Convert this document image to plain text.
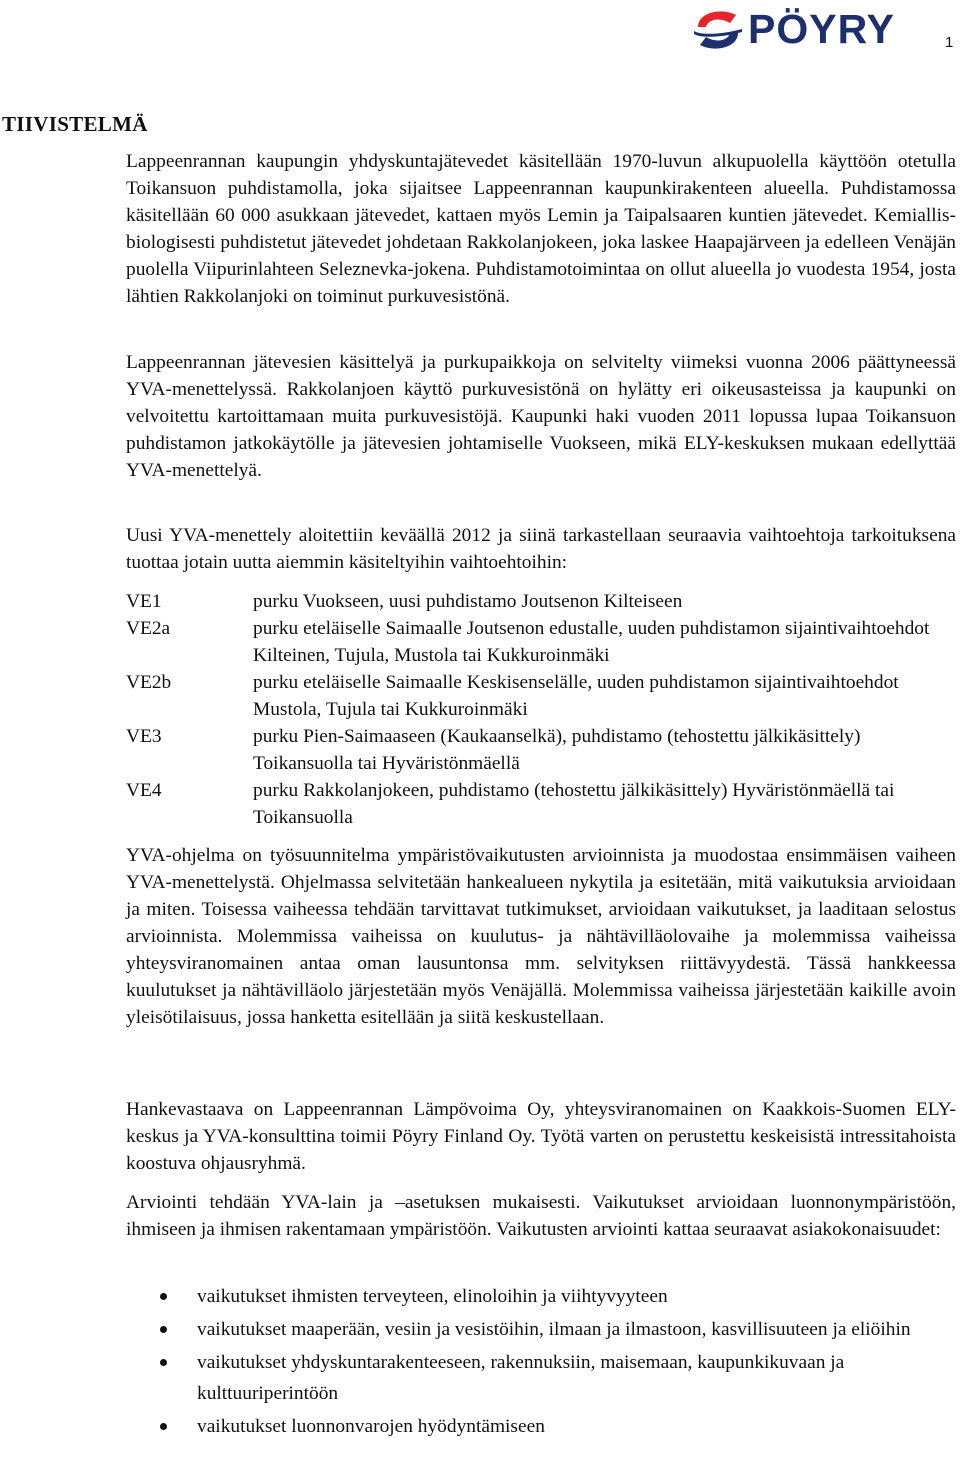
PÖYRY	1
TIIVISTELMÄ

Lappeenrannan kaupungin yhdyskuntajätevedet käsitellään 1970-luvun alkupuolella käyttöön otetulla Toikansuon puhdistamolla, joka sijaitsee Lappeenrannan kaupunkirakenteen alueella. Puhdistamossa käsitellään 60 000 asukkaan jätevedet, kattaen myös Lemin ja Taipalsaaren kuntien jätevedet. Kemiallis-biologisesti puhdistetut jätevedet johdetaan Rakkolanjokeen, joka laskee Haapajärveen ja edelleen Venäjän puolella Viipurinlahteen Seleznevka-jokena. Puhdistamotoimintaa on ollut alueella jo vuodesta 1954, josta lähtien Rakkolanjoki on toiminut purkuvesistönä.

Lappeenrannan jätevesien käsittelyä ja purkupaikkoja on selvitelty viimeksi vuonna 2006 päättyneessä YVA-menettelyssä. Rakkolanjoen käyttö purkuvesistönä on hylätty eri oikeusasteissa ja kaupunki on velvoitettu kartoittamaan muita purkuvesistöjä. Kaupunki haki vuoden 2011 lopussa lupaa Toikansuon puhdistamon jatkokäytölle ja jätevesien johtamiselle Vuokseen, mikä ELY-keskuksen mukaan edellyttää YVA-menettelyä.

Uusi YVA-menettely aloitettiin keväällä 2012 ja siinä tarkastellaan seuraavia vaihtoehtoja tarkoituksena tuottaa jotain uutta aiemmin käsiteltyihin vaihtoehtoihin:

VE1	purku Vuokseen, uusi puhdistamo Joutsenon Kilteiseen
VE2a	purku eteläiselle Saimaalle Joutsenon edustalle, uuden puhdistamon sijaintivaihtoehdot Kilteinen, Tujula, Mustola tai Kukkuroinmäki
VE2b	purku eteläiselle Saimaalle Keskisenselälle, uuden puhdistamon sijaintivaihtoehdot Mustola, Tujula tai Kukkuroinmäki
VE3	purku Pien-Saimaaseen (Kaukaanselkä), puhdistamo (tehostettu jälkikäsittely) Toikansuolla tai Hyväristönmäellä
VE4	purku Rakkolanjokeen, puhdistamo (tehostettu jälkikäsittely) Hyväristönmäellä tai Toikansuolla

YVA-ohjelma on työsuunnitelma ympäristövaikutusten arvioinnista ja muodostaa ensimmäisen vaiheen YVA-menettelystä. Ohjelmassa selvitetään hankealueen nykytila ja esitetään, mitä vaikutuksia arvioidaan ja miten. Toisessa vaiheessa tehdään tarvittavat tutkimukset, arvioidaan vaikutukset, ja laaditaan selostus arvioinnista. Molemmissa vaiheissa on kuulutus- ja nähtävilläolovaihe ja molemmissa vaiheissa yhteysviranomainen antaa oman lausuntonsa mm. selvityksen riittävyydestä. Tässä hankkeessa kuulutukset ja nähtävilläolo järjestetään myös Venäjällä. Molemmissa vaiheissa järjestetään kaikille avoin yleisötilaisuus, jossa hanketta esitellään ja siitä keskustellaan.

Hankevastaava on Lappeenrannan Lämpövoima Oy, yhteysviranomainen on Kaakkois-Suomen ELY-keskus ja YVA-konsulttina toimii Pöyry Finland Oy. Työtä varten on perustettu keskeisistä intressitahoista koostuva ohjausryhmä.

Arviointi tehdään YVA-lain ja –asetuksen mukaisesti. Vaikutukset arvioidaan luonnonympäristöön, ihmiseen ja ihmisen rakentamaan ympäristöön. Vaikutusten arviointi kattaa seuraavat asiakokonaisuudet:

vaikutukset ihmisten terveyteen, elinoloihin ja viihtyvyyteen
vaikutukset maaperään, vesiin ja vesistöihin, ilmaan ja ilmastoon, kasvillisuuteen ja eliöihin
vaikutukset yhdyskuntarakenteeseen, rakennuksiin, maisemaan, kaupunkikuvaan ja kulttuuriperintöön
vaikutukset luonnonvarojen hyödyntämiseen
